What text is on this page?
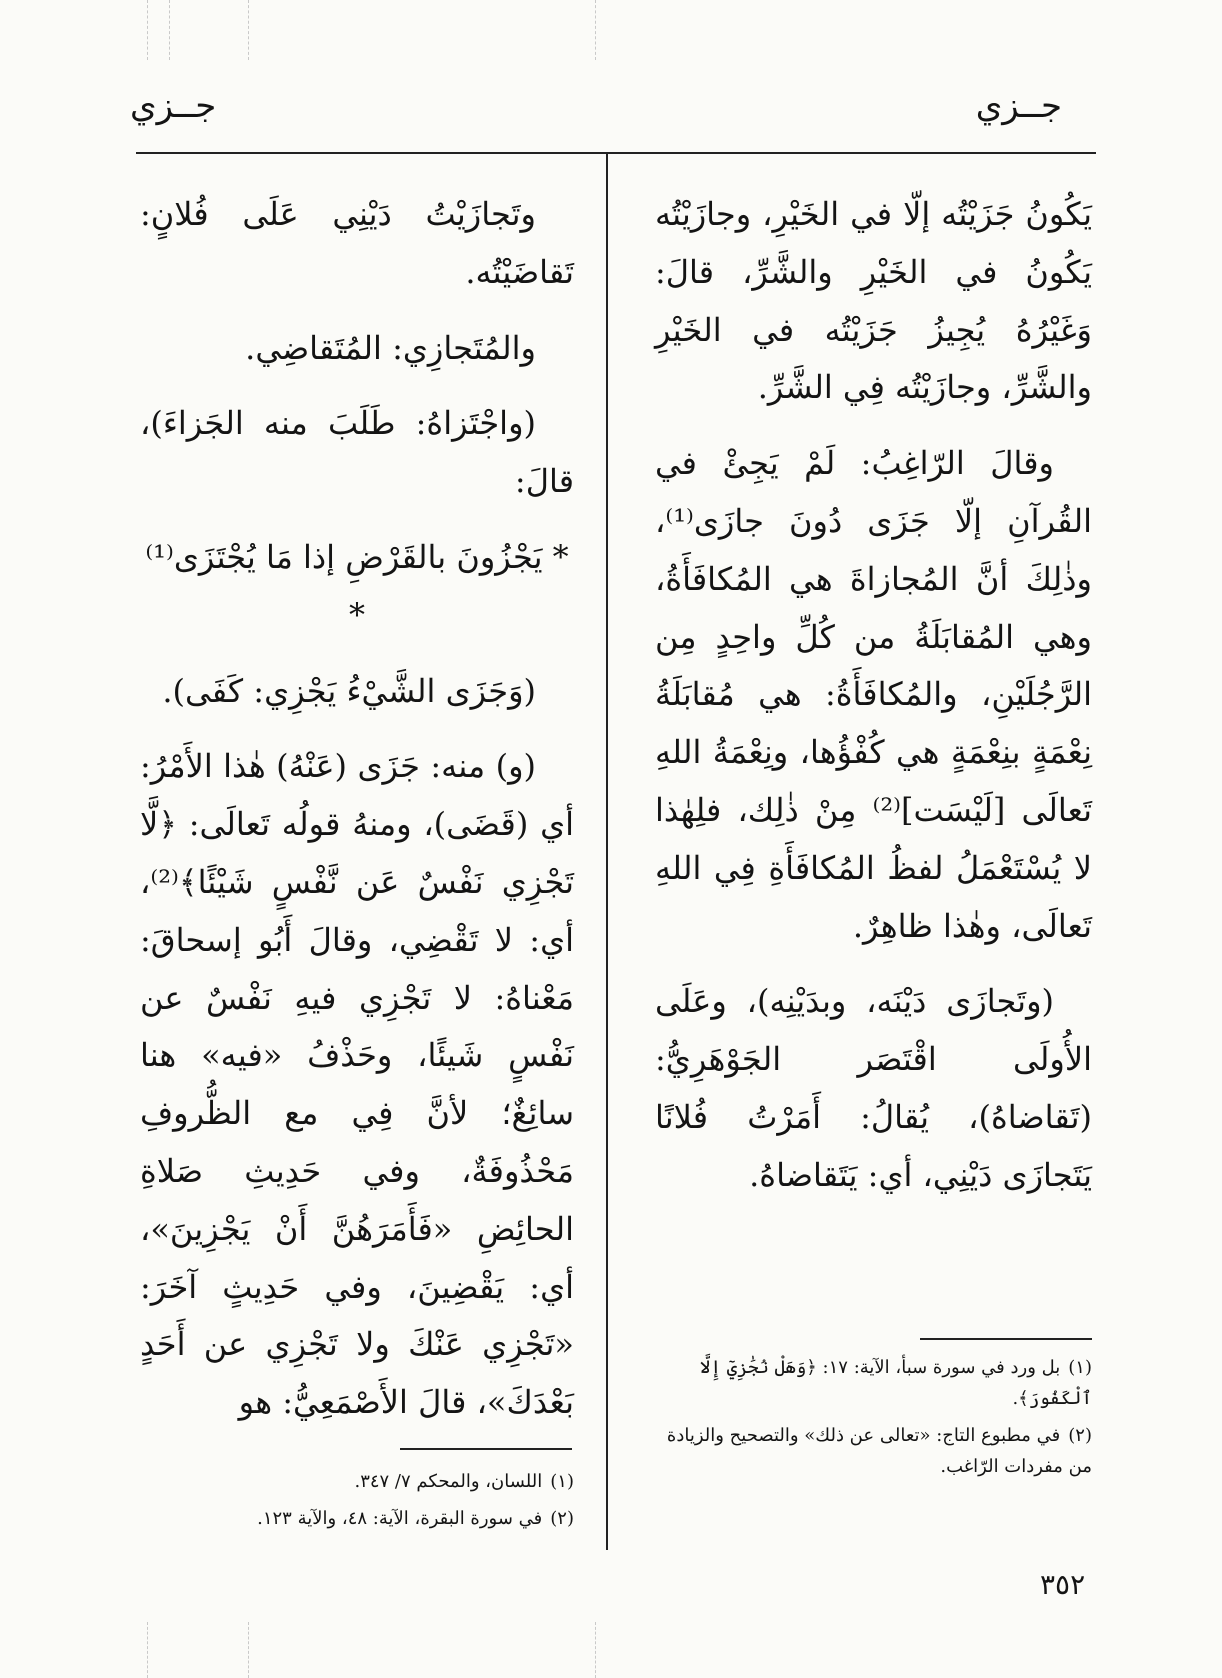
جــزي
جــزي

يَكُونُ جَزَيْتُه إلّا في الخَيْرِ، وجازَيْتُه يَكُونُ في الخَيْرِ والشَّرِّ، قالَ: وَغَيْرُهُ يُجِيزُ جَزَيْتُه في الخَيْرِ والشَّرِّ، وجازَيْتُه فِي الشَّرِّ.

وقالَ الرّاغِبُ: لَمْ يَجِئْ في القُرآنِ إلّا جَزَى دُونَ جازَى⁽¹⁾، وذٰلِكَ أنَّ المُجازاةَ هي المُكافَأَةُ، وهي المُقابَلَةُ من كُلِّ واحِدٍ مِن الرَّجُلَيْنِ، والمُكافَأَةُ: هي مُقابَلَةُ نِعْمَةٍ بنِعْمَةٍ هي كُفْؤُها، ونِعْمَةُ اللهِ تَعالَى [لَيْسَت]⁽²⁾ مِنْ ذٰلِك، فلِهٰذا لا يُسْتَعْمَلُ لفظُ المُكافَأَةِ فِي اللهِ تَعالَى، وهٰذا ظاهِرٌ.

(وتَجازَى دَيْنَه، وبدَيْنِه)، وعَلَى الأُولَى اقْتَصَر الجَوْهَرِيُّ: (تَقاضاهُ)، يُقالُ: أَمَرْتُ فُلانًا يَتَجازَى دَيْنِي، أي: يَتَقاضاهُ.

(١)بل ورد في سورة سبأ، الآية: ١٧: ﴿وَهَلْ نُجَٰزِيٓ إِلَّا ٱلْكَفُورَ﴾.

(٢)في مطبوع التاج: «تعالى عن ذلك» والتصحيح والزيادة من مفردات الرّاغب.

وتَجازَيْتُ دَيْنِي عَلَى فُلانٍ: تَقاضَيْتُه.

والمُتَجازِي: المُتَقاضِي.

(واجْتَزاهُ: طَلَبَ منه الجَزاءَ)، قالَ:

* يَجْزُونَ بالقَرْضِ إذا مَا يُجْتَزَى⁽¹⁾ *

(وَجَزَى الشَّيْءُ يَجْزِي: كَفَى).

(و) منه: جَزَى (عَنْهُ) هٰذا الأَمْرُ: أي (قَضَى)، ومنهُ قولُه تَعالَى: ﴿لَّا تَجْزِي نَفْسٌ عَن نَّفْسٍ شَيْئًا﴾⁽²⁾، أي: لا تَقْضِي، وقالَ أَبُو إسحاقَ: مَعْناهُ: لا تَجْزِي فيهِ نَفْسٌ عن نَفْسٍ شَيئًا، وحَذْفُ «فيه» هنا سائِغٌ؛ لأنَّ فِي مع الظُّروفِ مَحْذُوفَةٌ، وفي حَدِيثِ صَلاةِ الحائِضِ «فَأَمَرَهُنَّ أَنْ يَجْزِينَ»، أي: يَقْضِينَ، وفي حَدِيثٍ آخَرَ: «تَجْزِي عَنْكَ ولا تَجْزِي عن أَحَدٍ بَعْدَكَ»، قالَ الأَصْمَعِيُّ: هو

(١)اللسان، والمحكم ٧/ ٣٤٧.

(٢)في سورة البقرة، الآية: ٤٨، والآية ١٢٣.

٣٥٢
